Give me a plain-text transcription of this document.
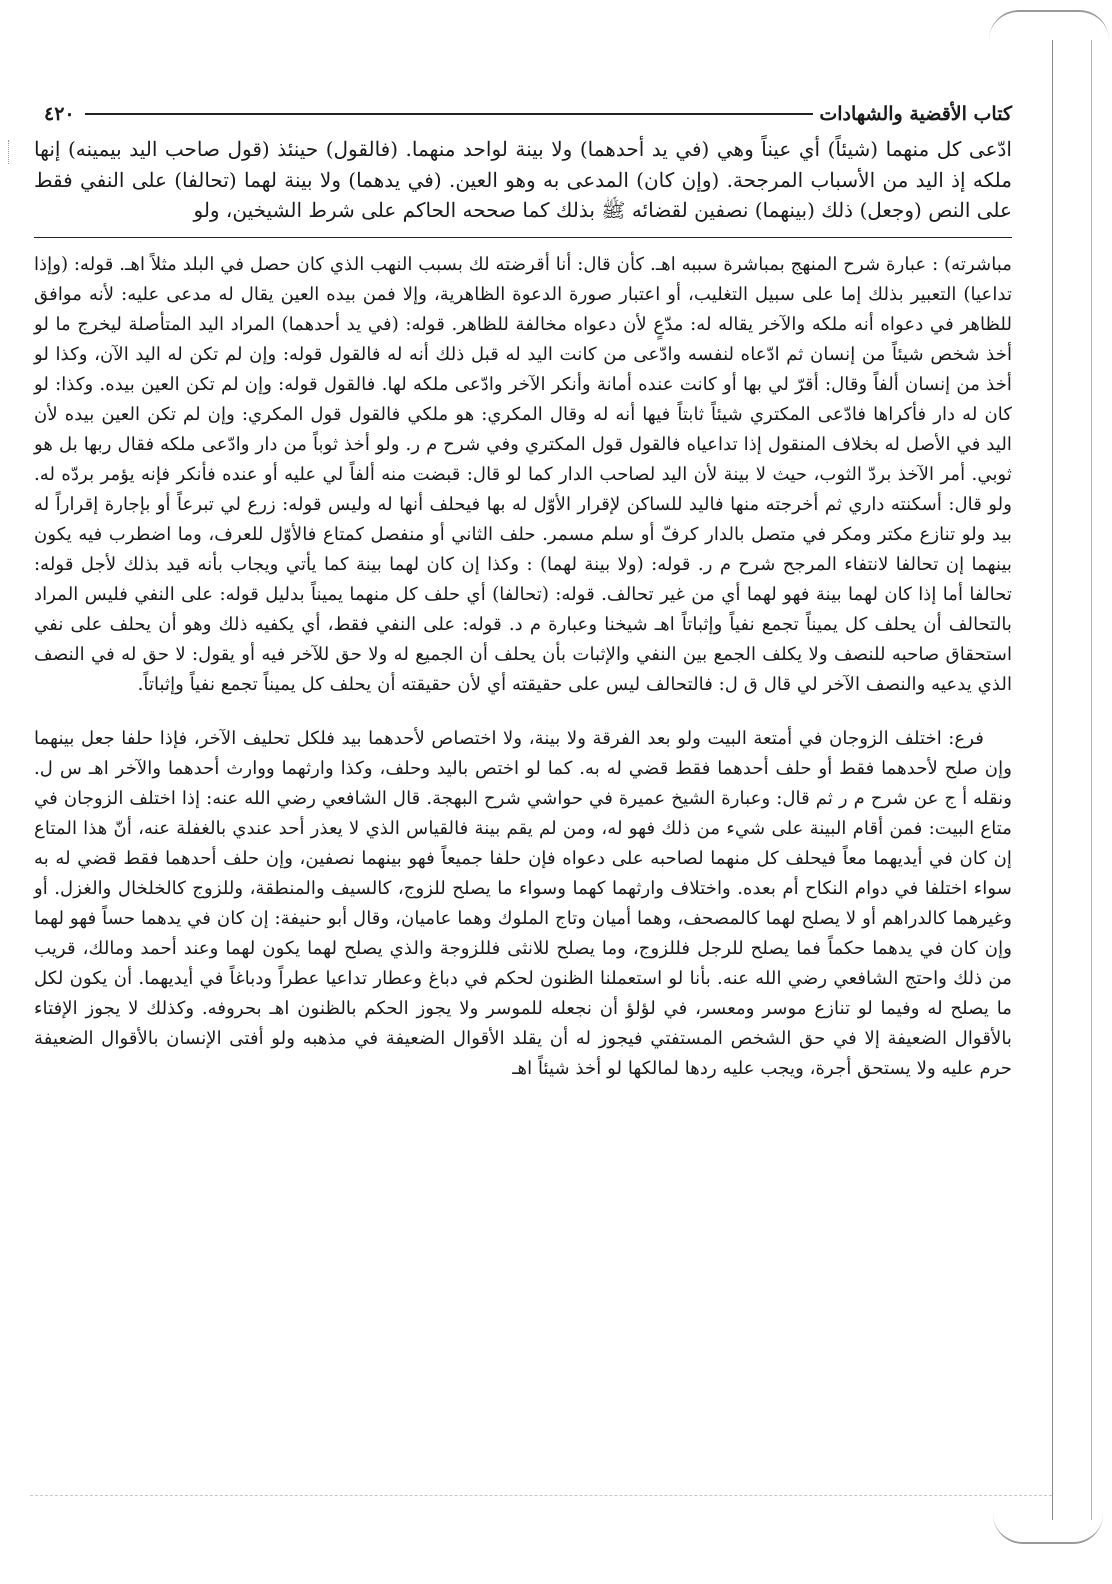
كتاب الأقضية والشهادات
٤٢٠
ادّعى كل منهما (شيئاً) أي عيناً وهي (في يد أحدهما) ولا بينة لواحد منهما. (فالقول) حينئذ (قول صاحب اليد بيمينه) إنها ملكه إذ اليد من الأسباب المرجحة. (وإن كان) المدعى به وهو العين. (في يدهما) ولا بينة لهما (تحالفا) على النفي فقط على النص (وجعل) ذلك (بينهما) نصفين لقضائه ﷺ بذلك كما صححه الحاكم على شرط الشيخين، ولو
مباشرته) : عبارة شرح المنهج بمباشرة سببه اهـ. كأن قال: أنا أقرضته لك بسبب النهب الذي كان حصل في البلد مثلاً اهـ. قوله: (وإذا تداعيا) التعبير بذلك إما على سبيل التغليب، أو اعتبار صورة الدعوة الظاهرية، وإلا فمن بيده العين يقال له مدعى عليه: لأنه موافق للظاهر في دعواه أنه ملكه والآخر يقاله له: مدّعٍ لأن دعواه مخالفة للظاهر. قوله: (في يد أحدهما) المراد اليد المتأصلة ليخرج ما لو أخذ شخص شيئاً من إنسان ثم ادّعاه لنفسه وادّعى من كانت اليد له قبل ذلك أنه له فالقول قوله: وإن لم تكن له اليد الآن، وكذا لو أخذ من إنسان ألفاً وقال: أقرّ لي بها أو كانت عنده أمانة وأنكر الآخر وادّعى ملكه لها. فالقول قوله: وإن لم تكن العين بيده. وكذا: لو كان له دار فأكراها فادّعى المكتري شيئاً ثابتاً فيها أنه له وقال المكري: هو ملكي فالقول قول المكري: وإن لم تكن العين بيده لأن اليد في الأصل له بخلاف المنقول إذا تداعياه فالقول قول المكتري وفي شرح م ر. ولو أخذ ثوباً من دار وادّعى ملكه فقال ربها بل هو ثوبي. أمر الآخذ بردّ الثوب، حيث لا بينة لأن اليد لصاحب الدار كما لو قال: قبضت منه ألفاً لي عليه أو عنده فأنكر فإنه يؤمر بردّه له. ولو قال: أسكنته داري ثم أخرجته منها فاليد للساكن لإقرار الأوّل له بها فيحلف أنها له وليس قوله: زرع لي تبرعاً أو بإجارة إقراراً له بيد ولو تنازع مكتر ومكر في متصل بالدار كرفّ أو سلم مسمر. حلف الثاني أو منفصل كمتاع فالأوّل للعرف، وما اضطرب فيه يكون بينهما إن تحالفا لانتفاء المرجح شرح م ر. قوله: (ولا بينة لهما) : وكذا إن كان لهما بينة كما يأتي ويجاب بأنه قيد بذلك لأجل قوله: تحالفا أما إذا كان لهما بينة فهو لهما أي من غير تحالف. قوله: (تحالفا) أي حلف كل منهما يميناً بدليل قوله: على النفي فليس المراد بالتحالف أن يحلف كل يميناً تجمع نفياً وإثباتاً اهـ شيخنا وعبارة م د. قوله: على النفي فقط، أي يكفيه ذلك وهو أن يحلف على نفي استحقاق صاحبه للنصف ولا يكلف الجمع بين النفي والإثبات بأن يحلف أن الجميع له ولا حق للآخر فيه أو يقول: لا حق له في النصف الذي يدعيه والنصف الآخر لي قال ق ل: فالتحالف ليس على حقيقته أي لأن حقيقته أن يحلف كل يميناً تجمع نفياً وإثباتاً.
فرع: اختلف الزوجان في أمتعة البيت ولو بعد الفرقة ولا بينة، ولا اختصاص لأحدهما بيد فلكل تحليف الآخر، فإذا حلفا جعل بينهما وإن صلح لأحدهما فقط أو حلف أحدهما فقط قضي له به. كما لو اختص باليد وحلف، وكذا وارثهما ووارث أحدهما والآخر اهـ س ل. ونقله أ ج عن شرح م ر ثم قال: وعبارة الشيخ عميرة في حواشي شرح البهجة. قال الشافعي رضي الله عنه: إذا اختلف الزوجان في متاع البيت: فمن أقام البينة على شيء من ذلك فهو له، ومن لم يقم بينة فالقياس الذي لا يعذر أحد عندي بالغفلة عنه، أنّ هذا المتاع إن كان في أيديهما معاً فيحلف كل منهما لصاحبه على دعواه فإن حلفا جميعاً فهو بينهما نصفين، وإن حلف أحدهما فقط قضي له به سواء اختلفا في دوام النكاح أم بعده. واختلاف وارثهما كهما وسواء ما يصلح للزوج، كالسيف والمنطقة، وللزوج كالخلخال والغزل. أو وغيرهما كالدراهم أو لا يصلح لهما كالمصحف، وهما أميان وتاج الملوك وهما عاميان، وقال أبو حنيفة: إن كان في يدهما حساً فهو لهما وإن كان في يدهما حكماً فما يصلح للرجل فللزوج، وما يصلح للانثى فللزوجة والذي يصلح لهما يكون لهما وعند أحمد ومالك، قريب من ذلك واحتج الشافعي رضي الله عنه. بأنا لو استعملنا الظنون لحكم في دباغ وعطار تداعيا عطراً ودباغاً في أيديهما. أن يكون لكل ما يصلح له وفيما لو تنازع موسر ومعسر، في لؤلؤ أن نجعله للموسر ولا يجوز الحكم بالظنون اهـ بحروفه. وكذلك لا يجوز الإفتاء بالأقوال الضعيفة إلا في حق الشخص المستفتي فيجوز له أن يقلد الأقوال الضعيفة في مذهبه ولو أفتى الإنسان بالأقوال الضعيفة حرم عليه ولا يستحق أجرة، ويجب عليه ردها لمالكها لو أخذ شيئاً اهـ
